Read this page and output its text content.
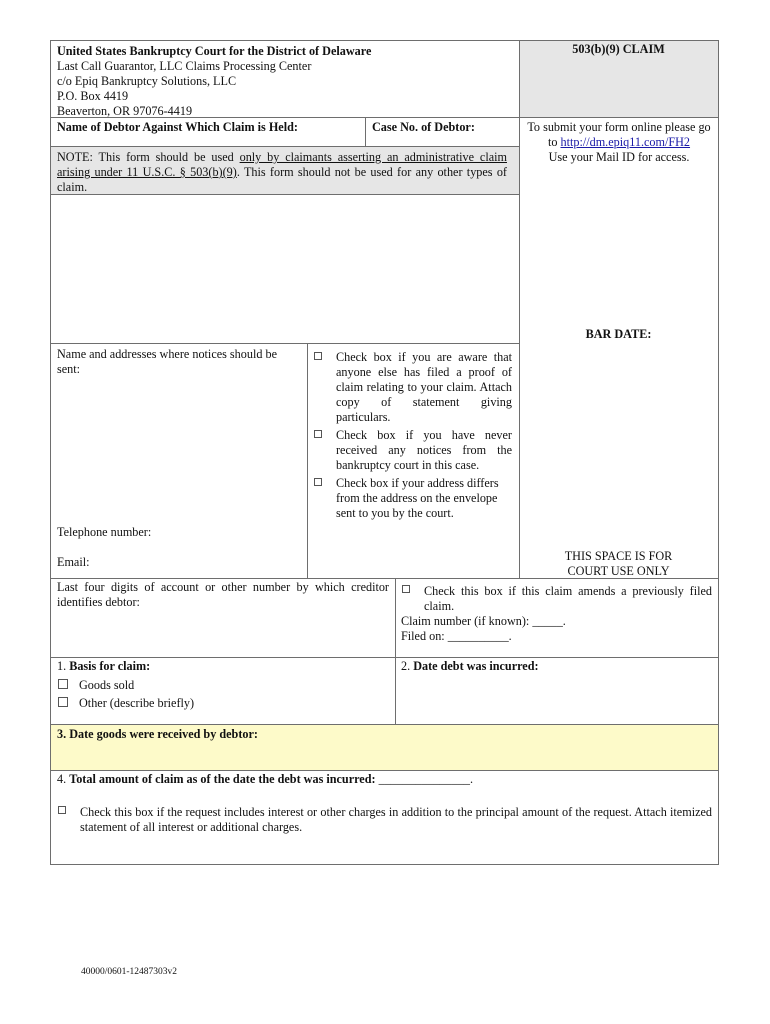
United States Bankruptcy Court for the District of Delaware
Last Call Guarantor, LLC Claims Processing Center
c/o Epiq Bankruptcy Solutions, LLC
P.O. Box 4419
Beaverton, OR 97076-4419
503(b)(9) CLAIM
Name of Debtor Against Which Claim is Held:	Case No. of Debtor:	To submit your form online please go to http://dm.epiq11.com/FH2
Use your Mail ID for access.
NOTE: This form should be used only by claimants asserting an administrative claim arising under 11 U.S.C. § 503(b)(9). This form should not be used for any other types of claim.
BAR DATE:
Name and addresses where notices should be sent:
Check box if you are aware that anyone else has filed a proof of claim relating to your claim. Attach copy of statement giving particulars.
Check box if you have never received any notices from the bankruptcy court in this case.
Check box if your address differs from the address on the envelope sent to you by the court.
Telephone number:
Email:	THIS SPACE IS FOR
COURT USE ONLY
Last four digits of account or other number by which creditor identifies debtor:
Check this box if this claim amends a previously filed claim.
Claim number (if known): _____.
Filed on: __________.
1. Basis for claim:
Goods sold
Other (describe briefly)
2. Date debt was incurred:
3. Date goods were received by debtor:
4. Total amount of claim as of the date the debt was incurred: _______________.
Check this box if the request includes interest or other charges in addition to the principal amount of the request. Attach itemized statement of all interest or additional charges.
40000/0601-12487303v2
